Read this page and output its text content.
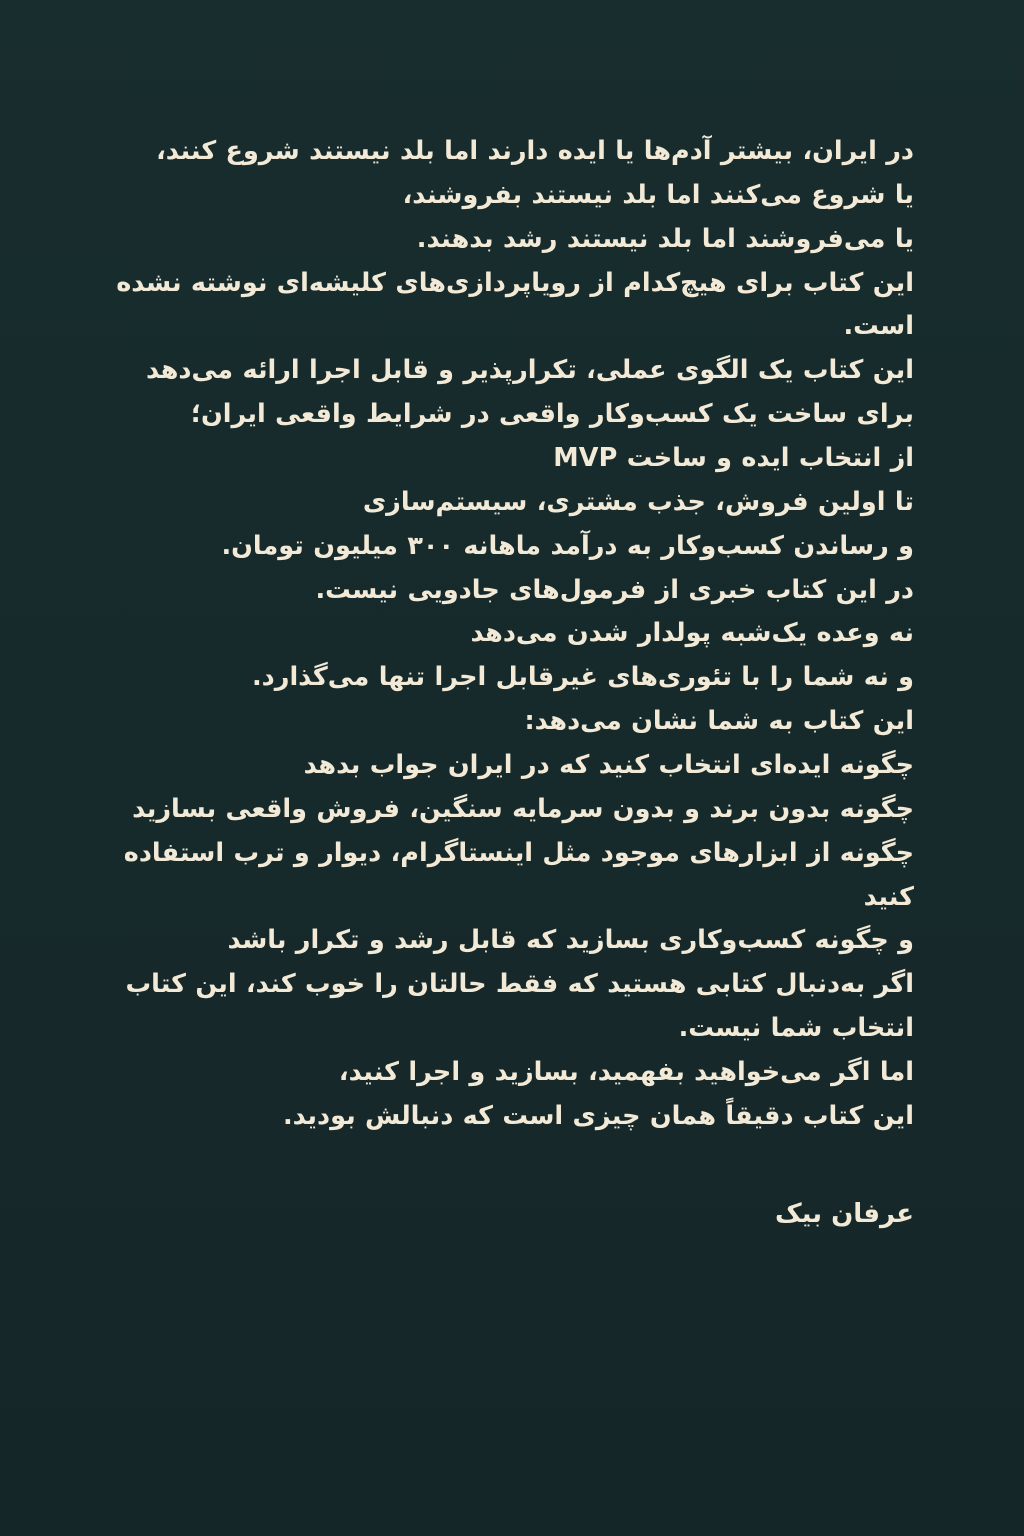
در ایران، بیشتر آدم‌ها یا ایده دارند اما بلد نیستند شروع کنند،

یا شروع می‌کنند اما بلد نیستند بفروشند،

یا می‌فروشند اما بلد نیستند رشد بدهند.

این کتاب برای هیچ‌کدام از رویاپردازی‌های کلیشه‌ای نوشته نشده است.

این کتاب یک الگوی عملی، تکرارپذیر و قابل اجرا ارائه می‌دهد

برای ساخت یک کسب‌وکار واقعی در شرایط واقعی ایران؛

از انتخاب ایده و ساخت MVP

تا اولین فروش، جذب مشتری، سیستم‌سازی

و رساندن کسب‌وکار به درآمد ماهانه ۳۰۰ میلیون تومان.

در این کتاب خبری از فرمول‌های جادویی نیست.

نه وعده یک‌شبه پولدار شدن می‌دهد

و نه شما را با تئوری‌های غیرقابل اجرا تنها می‌گذارد.

این کتاب به شما نشان می‌دهد:

چگونه ایده‌ای انتخاب کنید که در ایران جواب بدهد

چگونه بدون برند و بدون سرمایه سنگین، فروش واقعی بسازید

چگونه از ابزارهای موجود مثل اینستاگرام، دیوار و ترب استفاده کنید

و چگونه کسب‌وکاری بسازید که قابل رشد و تکرار باشد

اگر به‌دنبال کتابی هستید که فقط حالتان را خوب کند، این کتاب انتخاب شما نیست.

اما اگر می‌خواهید بفهمید، بسازید و اجرا کنید،

این کتاب دقیقاً همان چیزی است که دنبالش بودید.

عرفان بیک
